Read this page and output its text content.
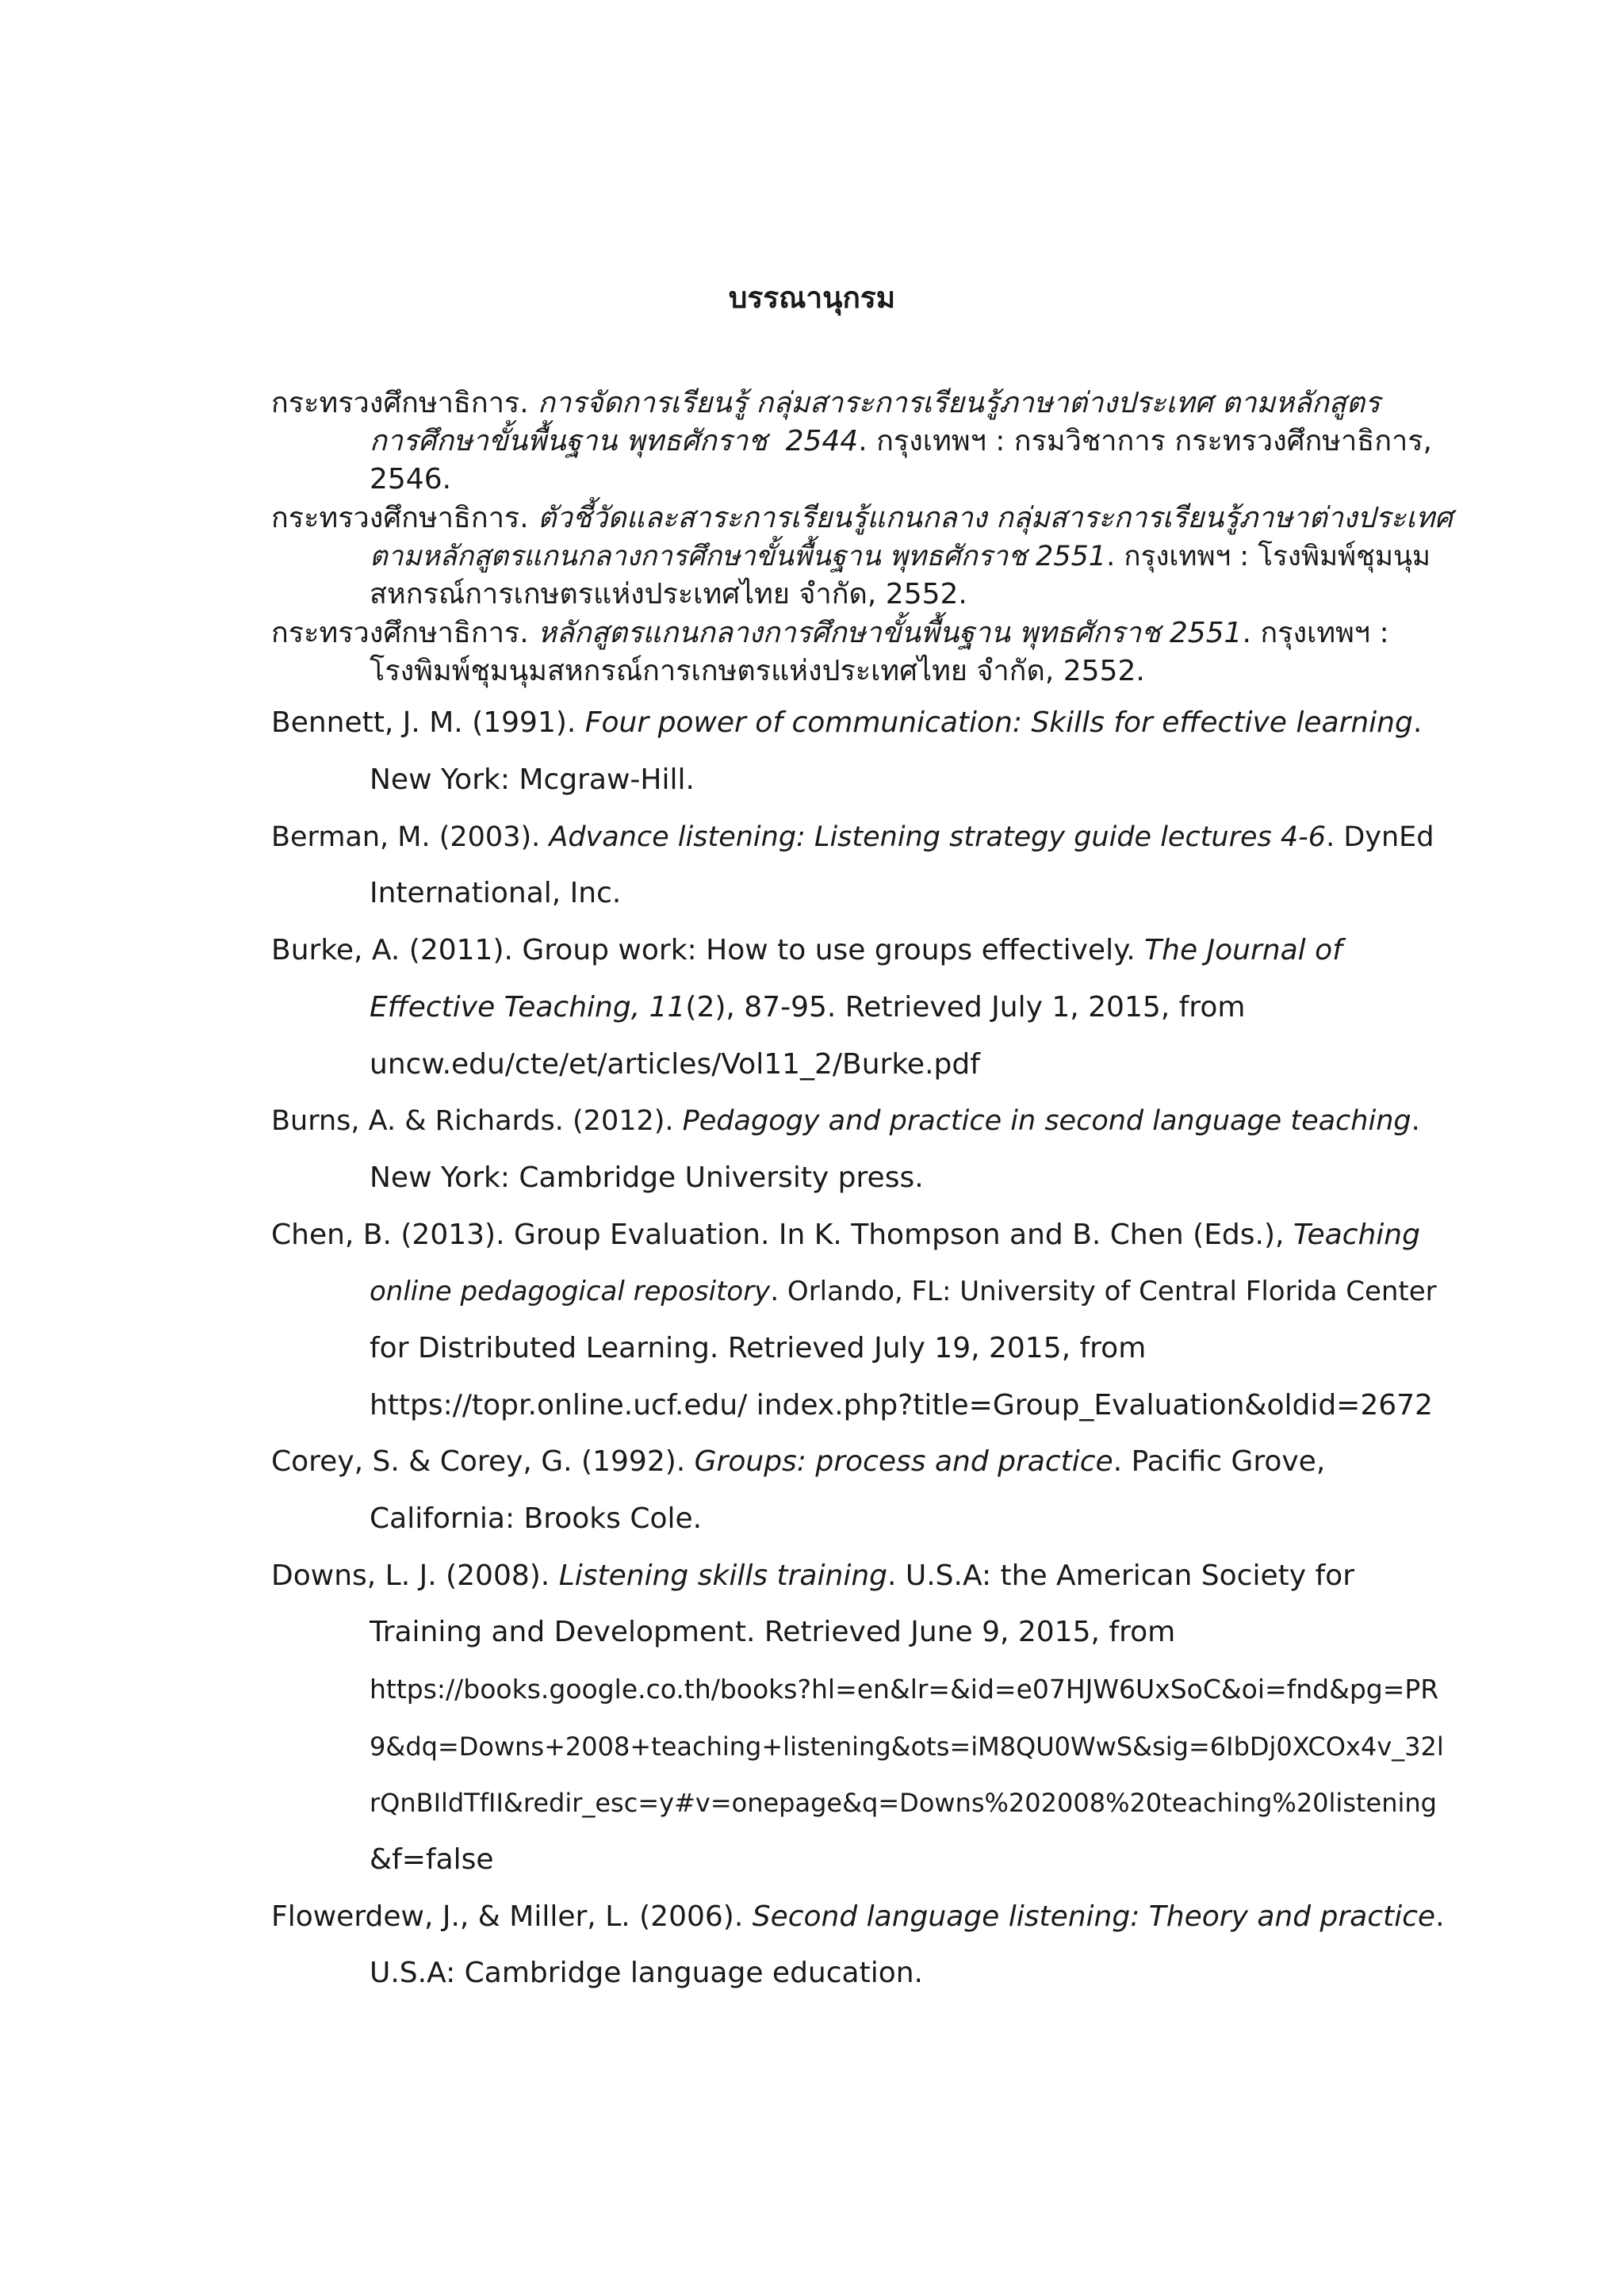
บรรณานุกรม
กระทรวงศึกษาธิการ. การจัดการเรียนรู้ กลุ่มสาระการเรียนรู้ภาษาต่างประเทศ ตามหลักสูตร
การศึกษาขั้นพื้นฐาน พุทธศักราช  2544. กรุงเทพฯ : กรมวิชาการ กระทรวงศึกษาธิการ,
2546.
กระทรวงศึกษาธิการ. ตัวชี้วัดและสาระการเรียนรู้แกนกลาง กลุ่มสาระการเรียนรู้ภาษาต่างประเทศ
ตามหลักสูตรแกนกลางการศึกษาขั้นพื้นฐาน พุทธศักราช 2551. กรุงเทพฯ : โรงพิมพ์ชุมนุม
สหกรณ์การเกษตรแห่งประเทศไทย จำกัด, 2552.
กระทรวงศึกษาธิการ. หลักสูตรแกนกลางการศึกษาขั้นพื้นฐาน พุทธศักราช 2551. กรุงเทพฯ :
โรงพิมพ์ชุมนุมสหกรณ์การเกษตรแห่งประเทศไทย จำกัด, 2552.
Bennett, J. M. (1991). Four power of communication: Skills for effective learning.
New York: Mcgraw-Hill.
Berman, M. (2003). Advance listening: Listening strategy guide lectures 4-6. DynEd
International, Inc.
Burke, A. (2011). Group work: How to use groups effectively. The Journal of
Effective Teaching, 11(2), 87-95. Retrieved July 1, 2015, from
uncw.edu/cte/et/articles/Vol11_2/Burke.pdf
Burns, A. & Richards. (2012). Pedagogy and practice in second language teaching.
New York: Cambridge University press.
Chen, B. (2013). Group Evaluation. In K. Thompson and B. Chen (Eds.), Teaching
online pedagogical repository. Orlando, FL: University of Central Florida Center
for Distributed Learning. Retrieved July 19, 2015, from
https://topr.online.ucf.edu/ index.php?title=Group_Evaluation&oldid=2672
Corey, S. & Corey, G. (1992). Groups: process and practice. Pacific Grove,
California: Brooks Cole.
Downs, L. J. (2008). Listening skills training. U.S.A: the American Society for
Training and Development. Retrieved June 9, 2015, from
https://books.google.co.th/books?hl=en&lr=&id=e07HJW6UxSoC&oi=fnd&pg=PR
9&dq=Downs+2008+teaching+listening&ots=iM8QU0WwS&sig=6IbDj0XCOx4v_32l
rQnBIldTfII&redir_esc=y#v=onepage&q=Downs%202008%20teaching%20listening
&f=false
Flowerdew, J., & Miller, L. (2006). Second language listening: Theory and practice.
U.S.A: Cambridge language education.
